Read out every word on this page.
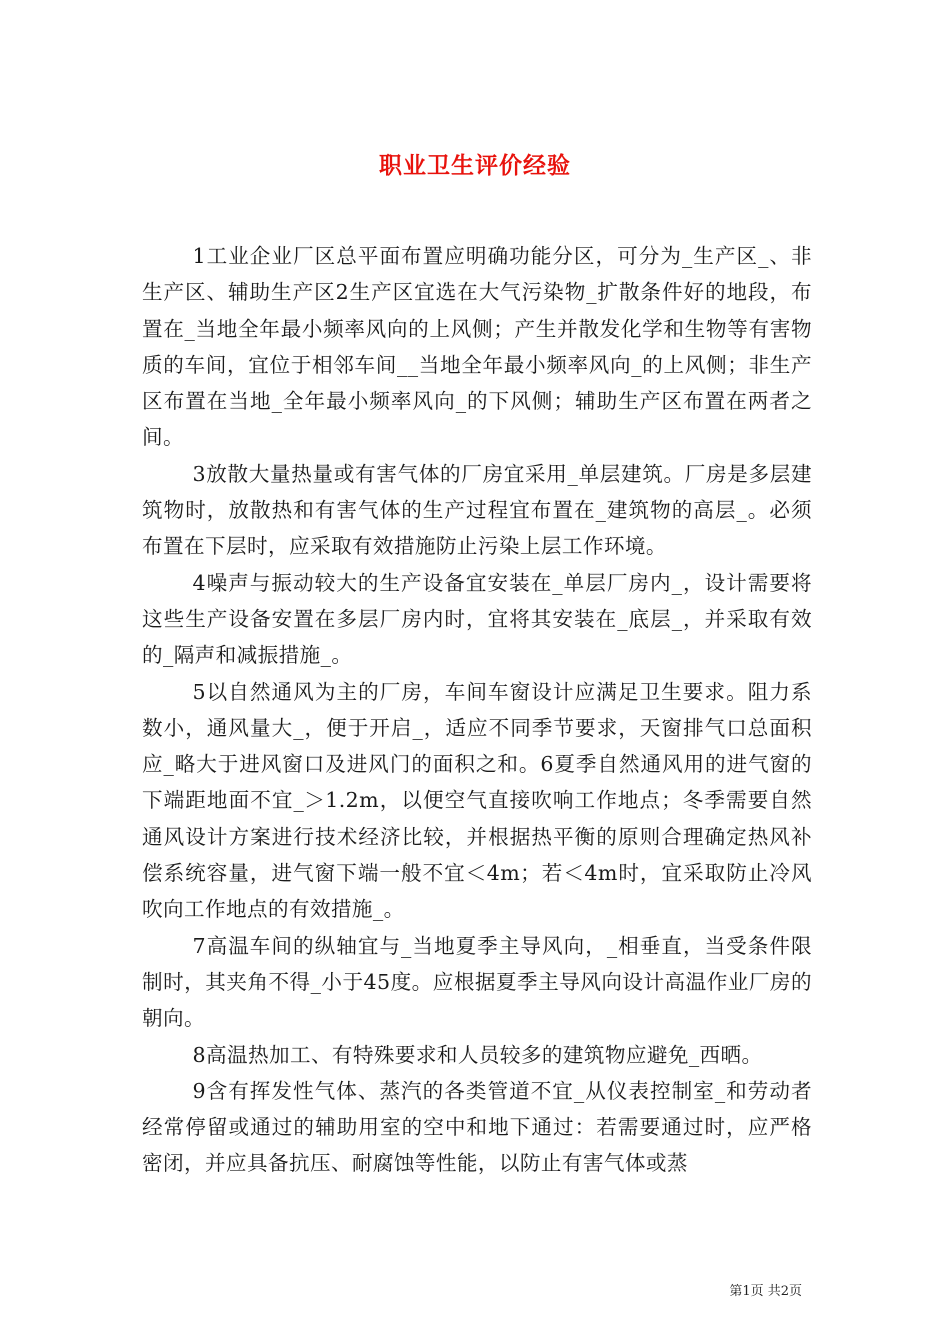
职业卫生评价经验

1工业企业厂区总平面布置应明确功能分区，可分为_生产区_、非生产区、辅助生产区2生产区宜选在大气污染物_扩散条件好的地段，布置在_当地全年最小频率风向的上风侧；产生并散发化学和生物等有害物质的车间，宜位于相邻车间__当地全年最小频率风向_的上风侧；非生产区布置在当地_全年最小频率风向_的下风侧；辅助生产区布置在两者之间。

3放散大量热量或有害气体的厂房宜采用_单层建筑。厂房是多层建筑物时，放散热和有害气体的生产过程宜布置在_建筑物的高层_。必须布置在下层时，应采取有效措施防止污染上层工作环境。

4噪声与振动较大的生产设备宜安装在_单层厂房内_，设计需要将这些生产设备安置在多层厂房内时，宜将其安装在_底层_，并采取有效的_隔声和减振措施_。

5以自然通风为主的厂房，车间车窗设计应满足卫生要求。阻力系数小，通风量大_，便于开启_，适应不同季节要求，天窗排气口总面积应_略大于进风窗口及进风门的面积之和。6夏季自然通风用的进气窗的下端距地面不宜_＞1.2m，以便空气直接吹响工作地点；冬季需要自然通风设计方案进行技术经济比较，并根据热平衡的原则合理确定热风补偿系统容量，进气窗下端一般不宜＜4m；若＜4m时，宜采取防止冷风吹向工作地点的有效措施_。

7高温车间的纵轴宜与_当地夏季主导风向，_相垂直，当受条件限制时，其夹角不得_小于45度。应根据夏季主导风向设计高温作业厂房的朝向。

8高温热加工、有特殊要求和人员较多的建筑物应避免_西晒。

9含有挥发性气体、蒸汽的各类管道不宜_从仪表控制室_和劳动者经常停留或通过的辅助用室的空中和地下通过：若需要通过时，应严格密闭，并应具备抗压、耐腐蚀等性能，以防止有害气体或蒸

第1页 共2页
